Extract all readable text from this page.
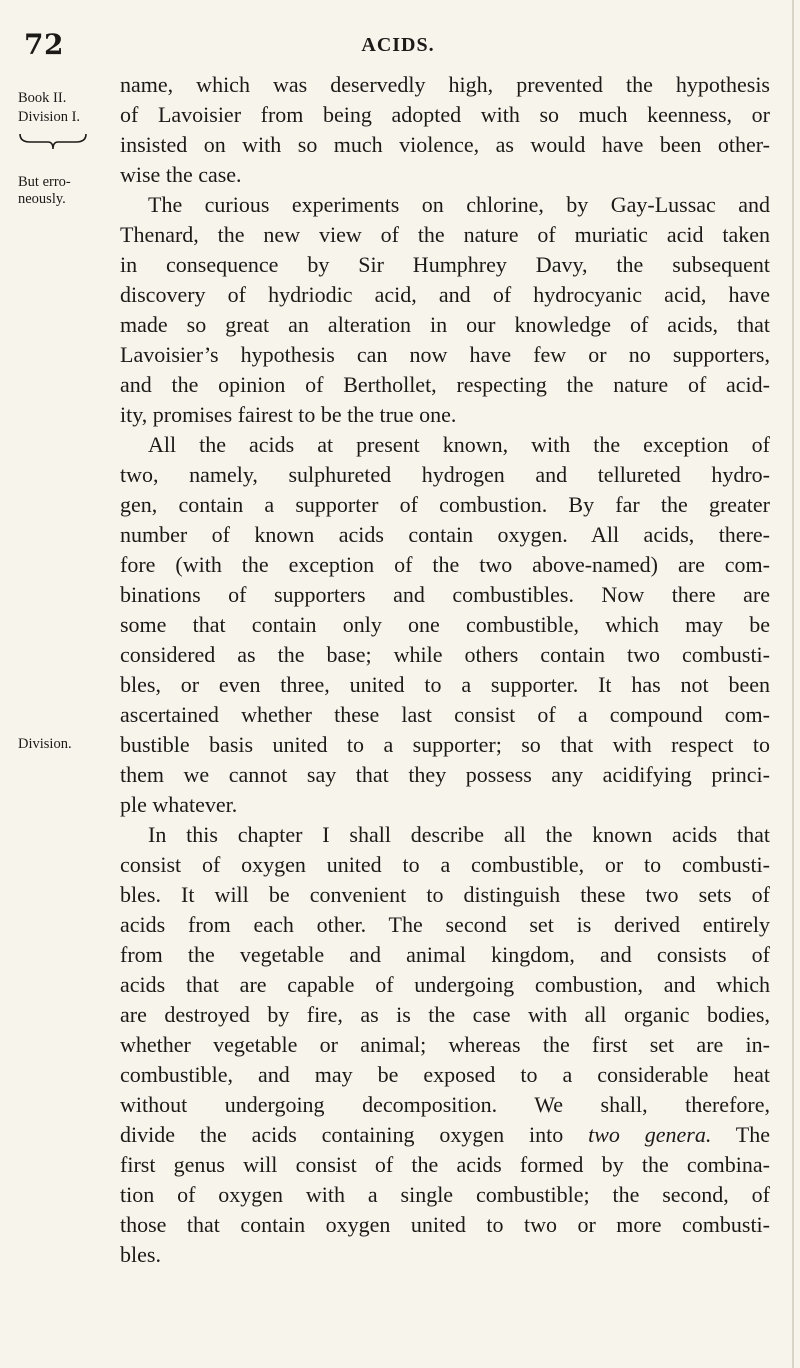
72	ACIDS.
Book II.
Division I.
But erro-
neously.
Division.

name, which was deservedly high, prevented the hypothesis
of Lavoisier from being adopted with so much keenness, or
insisted on with so much violence, as would have been other-
wise the case.

The curious experiments on chlorine, by Gay-Lussac and
Thenard, the new view of the nature of muriatic acid taken
in consequence by Sir Humphrey Davy, the subsequent
discovery of hydriodic acid, and of hydrocyanic acid, have
made so great an alteration in our knowledge of acids, that
Lavoisier’s hypothesis can now have few or no supporters,
and the opinion of Berthollet, respecting the nature of acid-
ity, promises fairest to be the true one.

All the acids at present known, with the exception of
two, namely, sulphureted hydrogen and tellureted hydro-
gen, contain a supporter of combustion. By far the greater
number of known acids contain oxygen. All acids, there-
fore (with the exception of the two above-named) are com-
binations of supporters and combustibles. Now there are
some that contain only one combustible, which may be
considered as the base; while others contain two combusti-
bles, or even three, united to a supporter. It has not been
ascertained whether these last consist of a compound com-
bustible basis united to a supporter; so that with respect to
them we cannot say that they possess any acidifying princi-
ple whatever.

In this chapter I shall describe all the known acids that
consist of oxygen united to a combustible, or to combusti-
bles. It will be convenient to distinguish these two sets of
acids from each other. The second set is derived entirely
from the vegetable and animal kingdom, and consists of
acids that are capable of undergoing combustion, and which
are destroyed by fire, as is the case with all organic bodies,
whether vegetable or animal; whereas the first set are in-
combustible, and may be exposed to a considerable heat
without undergoing decomposition. We shall, therefore,
divide the acids containing oxygen into two genera. The
first genus will consist of the acids formed by the combina-
tion of oxygen with a single combustible; the second, of
those that contain oxygen united to two or more combusti-
bles.
